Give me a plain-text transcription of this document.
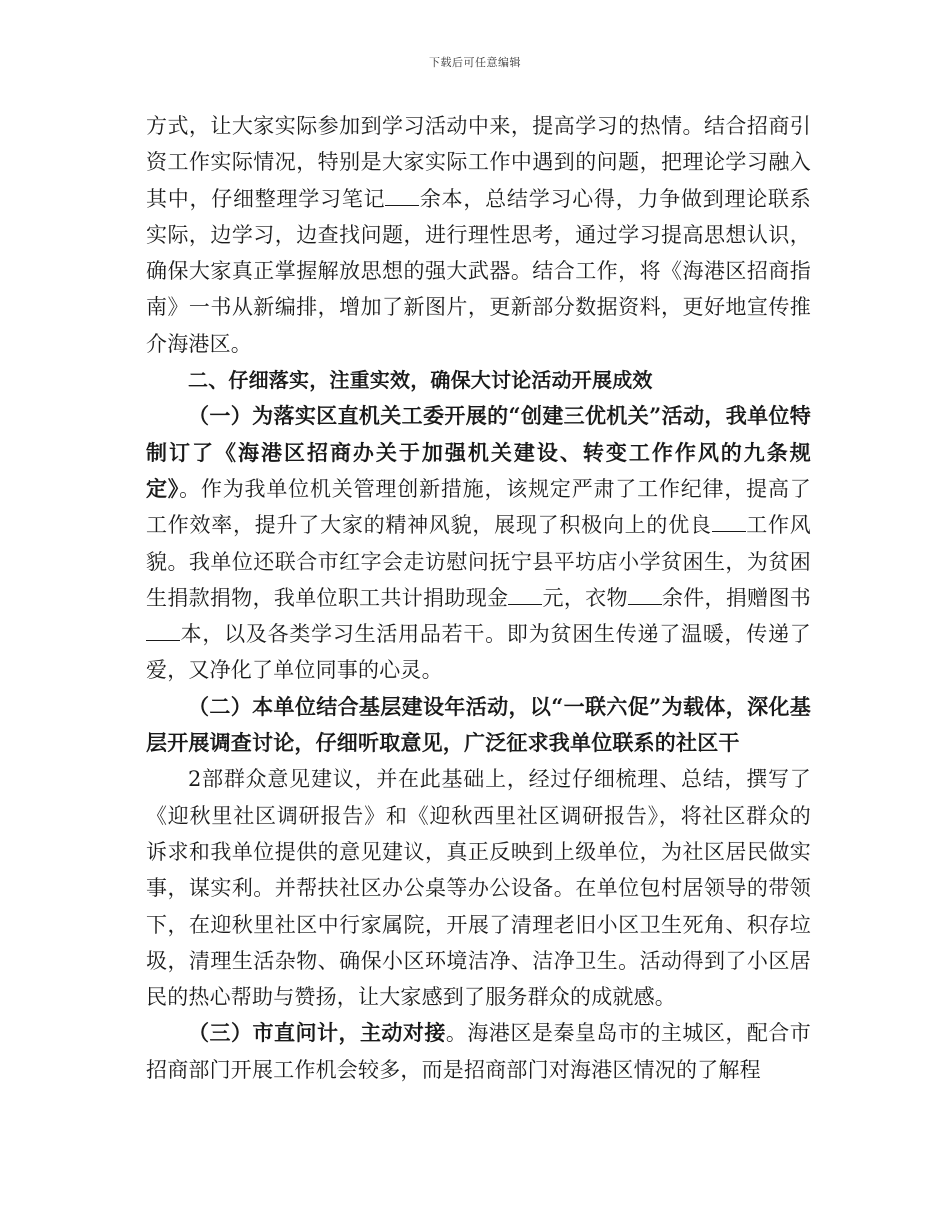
下载后可任意编辑

方式，让大家实际参加到学习活动中来，提高学习的热情。结合招商引资工作实际情况，特别是大家实际工作中遇到的问题，把理论学习融入其中，仔细整理学习笔记 余本，总结学习心得，力争做到理论联系实际，边学习，边查找问题，进行理性思考，通过学习提高思想认识，确保大家真正掌握解放思想的强大武器。结合工作，将《海港区招商指南》一书从新编排，增加了新图片，更新部分数据资料，更好地宣传推介海港区。

二、仔细落实，注重实效，确保大讨论活动开展成效

（一）为落实区直机关工委开展的“创建三优机关”活动，我单位特制订了《海港区招商办关于加强机关建设、转变工作作风的九条规定》。作为我单位机关管理创新措施，该规定严肃了工作纪律，提高了工作效率，提升了大家的精神风貌，展现了积极向上的优良 工作风貌。我单位还联合市红字会走访慰问抚宁县平坊店小学贫困生，为贫困生捐款捐物，我单位职工共计捐助现金 元，衣物 余件，捐赠图书本，以及各类学习生活用品若干。即为贫困生传递了温暖，传递了爱，又净化了单位同事的心灵。

（二）本单位结合基层建设年活动，以“一联六促”为载体，深化基层开展调查讨论，仔细听取意见，广泛征求我单位联系的社区干

2部群众意见建议，并在此基础上，经过仔细梳理、总结，撰写了《迎秋里社区调研报告》和《迎秋西里社区调研报告》，将社区群众的诉求和我单位提供的意见建议，真正反映到上级单位，为社区居民做实事，谋实利。并帮扶社区办公桌等办公设备。在单位包村居领导的带领下，在迎秋里社区中行家属院，开展了清理老旧小区卫生死角、积存垃圾，清理生活杂物、确保小区环境洁净、洁净卫生。活动得到了小区居民的热心帮助与赞扬，让大家感到了服务群众的成就感。

（三）市直问计，主动对接。海港区是秦皇岛市的主城区，配合市招商部门开展工作机会较多，而是招商部门对海港区情况的了解程
